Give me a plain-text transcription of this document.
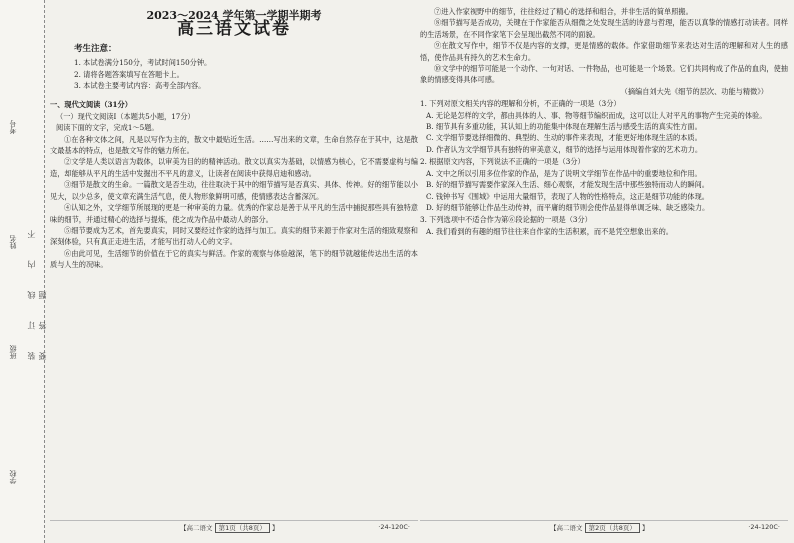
考号
姓名
班级
学校
装 订 线 内 不 要 答 题
2023～2024 学年第一学期半期考
高三语文试卷
考生注意：
1. 本试卷满分150分，考试时间150分钟。
2. 请将各题答案填写在答题卡上。
3. 本试卷主要考试内容：高考全部内容。
一、现代文阅读（31分）
（一）现代文阅读Ⅰ（本题共5小题，17分）
阅读下面的文字，完成1～5题。
①在各种文体之间，凡是以写作为主的，散文中最贴近生活。……写出来的文章，生命自然存在于其中，这是散文最基本的特点，也是散文写作的魅力所在。
②文学是人类以语言为载体，以审美为目的的精神活动。散文以真实为基础，以情感为核心，它不需要虚构与编造，却能够从平凡的生活中发掘出不平凡的意义，让读者在阅读中获得启迪和感动。
③细节是散文的生命。一篇散文是否生动，往往取决于其中的细节描写是否真实、具体、传神。好的细节能以小见大，以少总多，使文章充满生活气息，使人物形象鲜明可感，使情感表达含蓄深沉。
④认知之外，文学细节所展现的更是一种审美的力量。优秀的作家总是善于从平凡的生活中捕捉那些具有独特意味的细节，并通过精心的选择与提炼，使之成为作品中最动人的部分。
⑤细节要成为艺术，首先要真实，同时又要经过作家的选择与加工。真实的细节来源于作家对生活的细致观察和深刻体验，只有真正走进生活，才能写出打动人心的文字。
⑥由此可见，生活细节的价值在于它的真实与鲜活。作家的观察与体验越深，笔下的细节就越能传达出生活的本质与人生的况味。
【高二语文 第1页（共8页） 】	·24-120C·
⑦进入作家视野中的细节，往往经过了精心的选择和组合，并非生活的简单照搬。
⑧细节描写是否成功，关键在于作家能否从细微之处发现生活的诗意与哲理，能否以真挚的情感打动读者。同样的生活场景，在不同作家笔下会呈现出截然不同的面貌。
⑨在散文写作中，细节不仅是内容的支撑，更是情感的载体。作家借助细节来表达对生活的理解和对人生的感悟，使作品具有持久的艺术生命力。
⑩文学中的细节可能是一个动作、一句对话、一件物品，也可能是一个场景。它们共同构成了作品的血肉，使抽象的情感变得具体可感。
（摘编自刘大先《细节的层次、功能与精微》）
1. 下列对原文相关内容的理解和分析，不正确的一项是（3分）
A. 无论是怎样的文学，都由具体的人、事、物等细节编织而成，这可以让人对平凡的事物产生完美的体验。
B. 细节具有多重功能，其认知上的功能集中体现在理解生活与感受生活的真实性方面。
C. 文学细节要选择细微的、典型的、生动的事件来表现，才能更好地体现生活的本质。
D. 作者认为文学细节具有独特的审美意义，细节的选择与运用体现着作家的艺术功力。
2. 根据原文内容，下列说法不正确的一项是（3分）
A. 文中之所以引用多位作家的作品，是为了说明文学细节在作品中的重要地位和作用。
B. 好的细节描写需要作家深入生活、细心观察，才能发现生活中那些独特而动人的瞬间。
C. 钱钟书写《围城》中运用大量细节，表现了人物的性格特点，这正是细节功能的体现。
D. 好的细节能够让作品生动传神，而平庸的细节则会使作品显得单调乏味、缺乏感染力。
3. 下列选项中不适合作为第⑥段论据的一项是（3分）
A. 我们看到的有趣的细节往往来自作家的生活积累，而不是凭空想象出来的。
【高二语文 第2页（共8页） 】	·24-120C·
